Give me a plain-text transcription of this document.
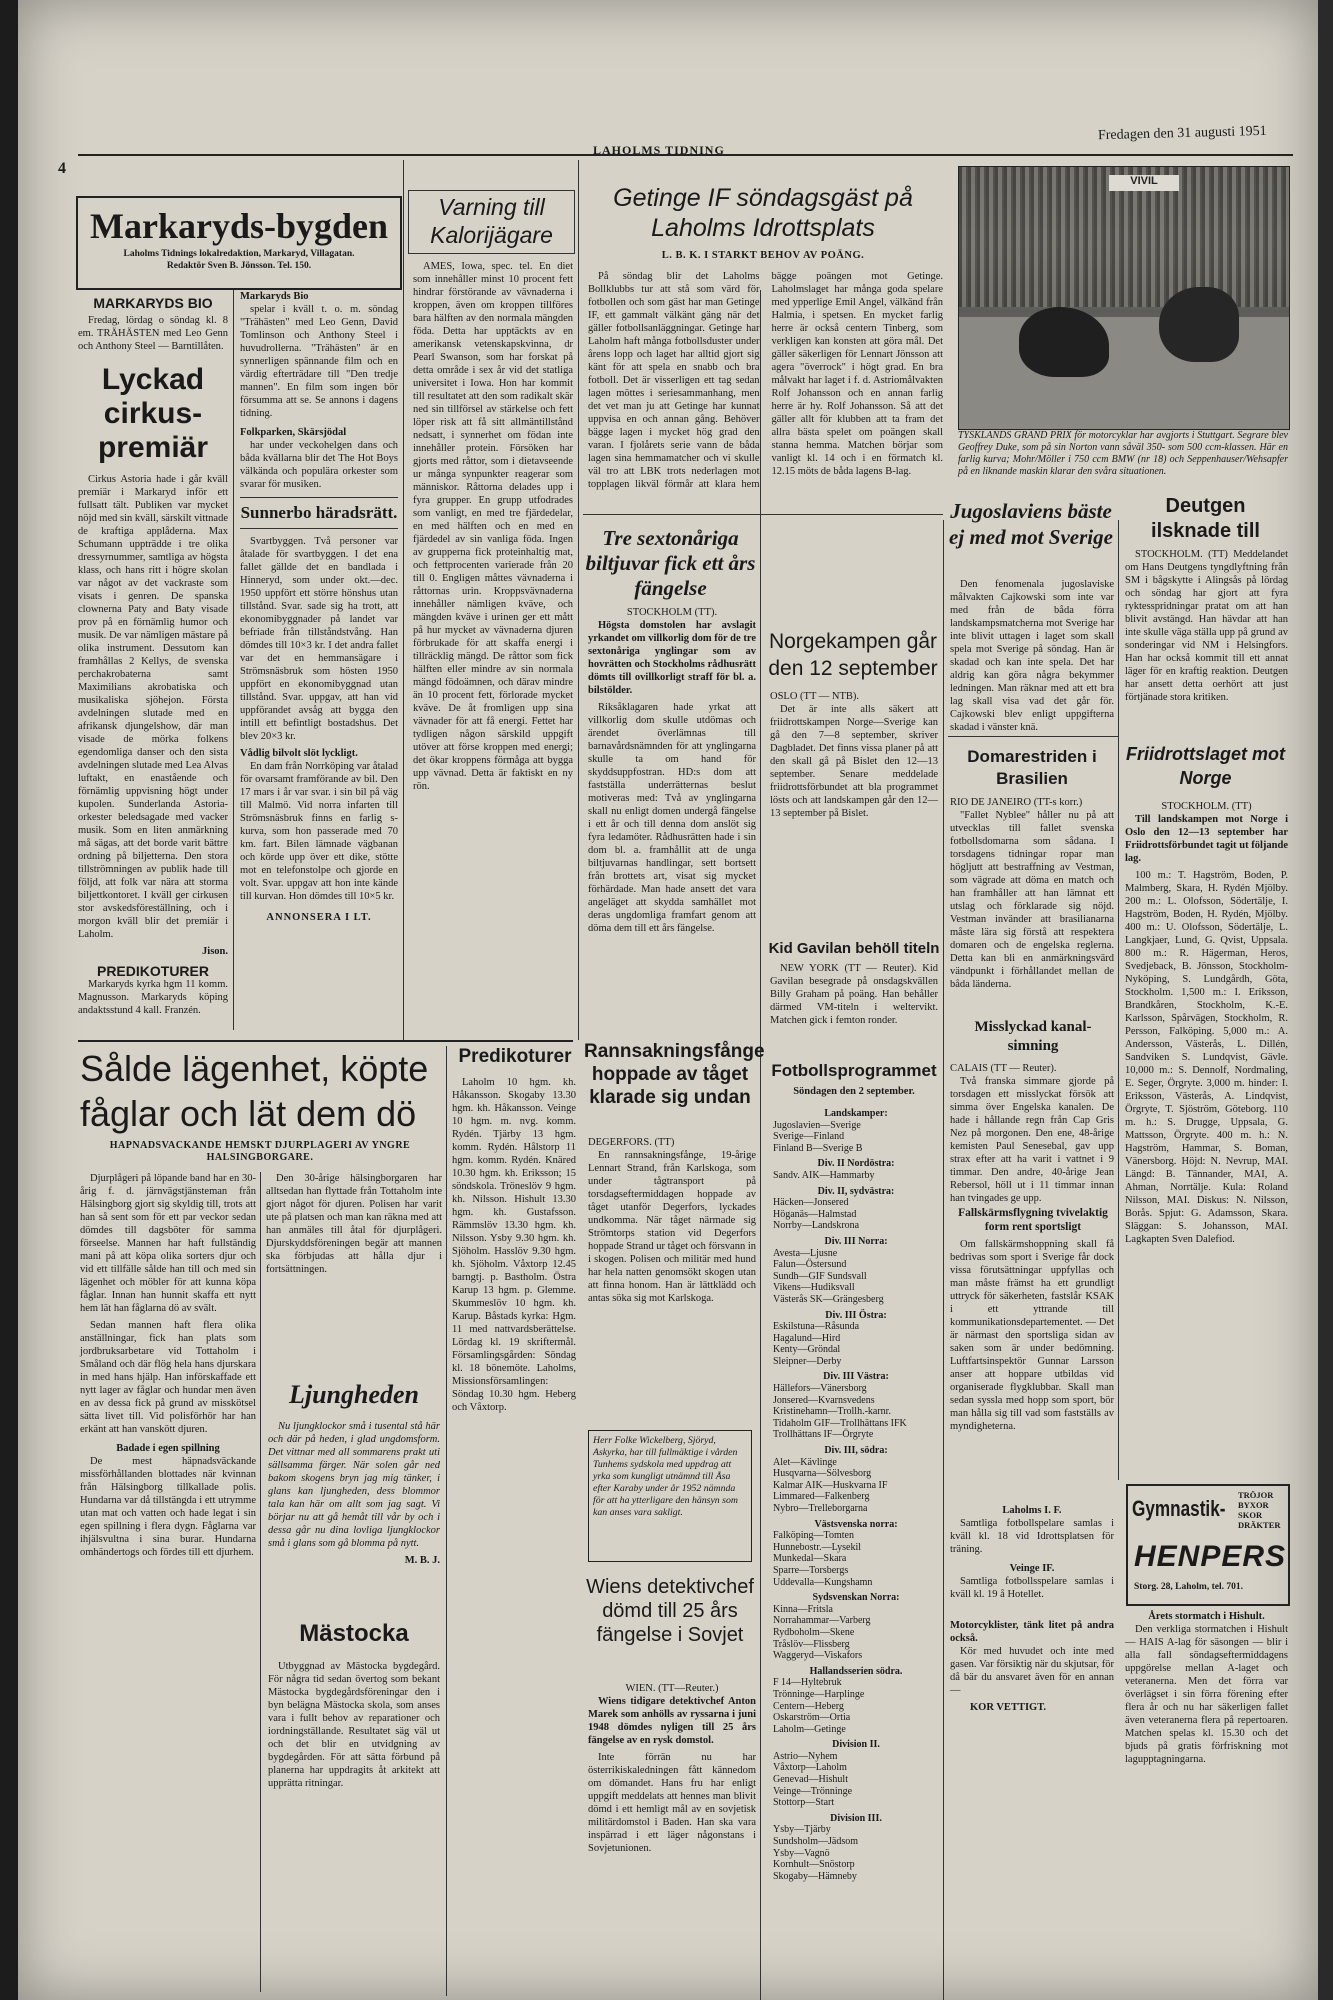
4
LAHOLMS TIDNING
Fredagen den 31 augusti 1951
Markaryds-bygden
Laholms Tidnings lokalredaktion, Markaryd, Villagatan.
Redaktör Sven B. Jönsson. Tel. 150.
MARKARYDS BIO

Fredag, lördag o söndag kl. 8 em. TRÄHÄSTEN med Leo Genn och Anthony Steel — Barntillåten.

Lyckad cirkus-premiär

Cirkus Astoria hade i går kväll premiär i Markaryd inför ett fullsatt tält. Publiken var mycket nöjd med sin kväll, särskilt vittnade de kraftiga applåderna. Max Schumann uppträdde i tre olika dressyrnummer, samtliga av högsta klass, och hans ritt i högre skolan var något av det vackraste som visats i genren. De spanska clownerna Paty and Baty visade prov på en förnämlig humor och musik. De var nämligen mästare på olika instrument. Dessutom kan framhållas 2 Kellys, de svenska perchakrobaterna samt Maximilians akrobatiska och musikaliska sjöhejon. Första avdelningen slutade med en afrikansk djungelshow, där man visade de mörka folkens egendomliga danser och den sista avdelningen slutade med Lea Alvas luftakt, en enastående och förnämlig uppvisning högt under kupolen. Sunderlanda Astoria-orkester beledsagade med vacker musik. Som en liten anmärkning må sägas, att det borde varit bättre ordning på biljetterna. Den stora tillströmningen av publik hade till följd, att folk var nära att storma biljettkontoret. I kväll ger cirkusen stor avskedsföreställning, och i morgon kväll blir det premiär i Laholm.

Jison.
PREDIKOTURER

Markaryds kyrka hgm 11 komm. Magnusson. Markaryds köping andaktsstund 4 kall. Franzén.

Markaryds Bio

spelar i kväll t. o. m. söndag "Trähästen" med Leo Genn, David Tomlinson och Anthony Steel i huvudrollerna. "Trähästen" är en synnerligen spännande film och en värdig efterträdare till "Den tredje mannen". En film som ingen bör försumma att se. Se annons i dagens tidning.

Folkparken, Skärsjödal

har under veckohelgen dans och båda kvällarna blir det The Hot Boys välkända och populära orkester som svarar för musiken.

Sunnerbo häradsrätt.

Svartbyggen. Två personer var åtalade för svartbyggen. I det ena fallet gällde det en bandlada i Hinneryd, som under okt.—dec. 1950 uppfört ett större hönshus utan tillstånd. Svar. sade sig ha trott, att ekonomibyggnader på landet var befriade från tillståndstvång. Han dömdes till 10×3 kr. I det andra fallet var det en hemmansägare i Strömsnäsbruk som hösten 1950 uppfört en ekonomibyggnad utan tillstånd. Svar. uppgav, att han vid uppförandet avsåg att bygga den intill ett befintligt bostadshus. Det blev 20×3 kr.

Vådlig bilvolt slöt lyckligt.

En dam från Norrköping var åtalad för ovarsamt framförande av bil. Den 17 mars i år var svar. i sin bil på väg till Malmö. Vid norra infarten till Strömsnäsbruk finns en farlig s-kurva, som hon passerade med 70 km. fart. Bilen lämnade vägbanan och körde upp över ett dike, stötte mot en telefonstolpe och gjorde en volt. Svar. uppgav att hon inte kände till kurvan. Hon dömdes till 10×5 kr.

ANNONSERA I LT.
Varning till Kalorijägare

AMES, Iowa, spec. tel. En diet som innehåller minst 10 procent fett hindrar förstörande av vävnaderna i kroppen, även om kroppen tillföres bara hälften av den normala mängden föda. Detta har upptäckts av en amerikansk vetenskapskvinna, dr Pearl Swanson, som har forskat på detta område i sex år vid det statliga universitet i Iowa. Hon har kommit till resultatet att den som radikalt skär ned sin tillförsel av stärkelse och fett löper risk att få sitt allmäntillstånd nedsatt, i synnerhet om födan inte innehåller protein. Försöken har gjorts med råttor, som i dietavseende ur många synpunkter reagerar som människor. Råttorna delades upp i fyra grupper. En grupp utfodrades som vanligt, en med tre fjärdedelar, en med hälften och en med en fjärdedel av sin vanliga föda. Ingen av grupperna fick proteinhaltig mat, och fettprocenten varierade från 20 till 0. Engligen måttes vävnaderna i råttornas urin. Kroppsvävnaderna innehåller nämligen kväve, och mängden kväve i urinen ger ett mått på hur mycket av vävnaderna djuren förbrukade för att skaffa energi i tillräcklig mängd. De råttor som fick hälften eller mindre av sin normala mängd födoämnen, och därav mindre än 10 procent fett, förlorade mycket kväve. De åt fromligen upp sina vävnader för att få energi. Fettet har tydligen någon särskild uppgift utöver att förse kroppen med energi; det ökar kroppens förmåga att bygga upp vävnad. Detta är faktiskt en ny rön.

Getinge IF söndagsgäst på Laholms Idrottsplats
L. B. K. I STARKT BEHOV AV POÄNG.

På söndag blir det Laholms Bollklubbs tur att stå som värd för fotbollen och som gäst har man Getinge IF, ett gammalt välkänt gäng när det gäller fotbollsanläggningar. Getinge har Laholm haft många fotbollsduster under årens lopp och laget har alltid gjort sig känt för att spela en snabb och bra fotboll. Det är visserligen ett tag sedan lagen möttes i seriesammanhang, men det vet man ju att Getinge har kunnat uppvisa en och annan gång. Behöver bägge lagen i mycket hög grad den varan. I fjolårets serie vann de båda lagen sina hemmamatcher och vi skulle väl tro att LBK trots nederlagen mot topplagen likväl förmår att klara hem bägge poängen mot Getinge. Laholmslaget har många goda spelare med ypperlige Emil Angel, välkänd från Halmia, i spetsen. En mycket farlig herre är också centern Tinberg, som verkligen kan konsten att göra mål. Det gäller säkerligen för Lennart Jönsson att agera "överrock" i högt grad. En bra målvakt har laget i f. d. Astriomålvakten Rolf Johansson och en annan farlig herre är hy. Rolf Johansson. Så att det gäller allt för klubben att ta fram det allra bästa spelet om poängen skall stanna hemma. Matchen börjar som vanligt kl. 14 och i en förmatch kl. 12.15 möts de båda lagens B-lag.

VIVIL
TYSKLANDS GRAND PRIX för motorcyklar har avgjorts i Stuttgart. Segrare blev Geoffrey Duke, som på sin Norton vann såväl 350- som 500 ccm-klassen. Här en farlig kurva; Mohr/Möller i 750 ccm BMW (nr 18) och Seppenhauser/Wehsapfer på en liknande maskin klarar den svåra situationen.
Tre sextonåriga biltjuvar fick ett års fängelse
STOCKHOLM (TT).

Högsta domstolen har avslagit yrkandet om villkorlig dom för de tre sextonåriga ynglingar som av hovrätten och Stockholms rådhusrätt dömts till ovillkorligt straff för bl. a. bilstölder.

Riksåklagaren hade yrkat att villkorlig dom skulle utdömas och ärendet överlämnas till barnavårdsnämnden för att ynglingarna skulle ta om hand för skyddsuppfostran. HD:s dom att fastställa underrätternas beslut motiveras med: Två av ynglingarna skall nu enligt domen undergå fängelse i ett år och till denna dom anslöt sig fyra ledamöter. Rådhusrätten hade i sin dom bl. a. framhållit att de unga biltjuvarnas handlingar, sett bortsett från brottets art, visat sig mycket förhärdade. Man hade ansett det vara angeläget att skydda samhället mot deras ungdomliga framfart genom att döma dem till ett års fängelse.

Norgekampen går den 12 september
OSLO (TT — NTB).

Det är inte alls säkert att friidrottskampen Norge—Sverige kan gå den 7—8 september, skriver Dagbladet. Det finns vissa planer på att den skall gå på Bislet den 12—13 september. Senare meddelade friidrottsförbundet att bla programmet lösts och att landskampen går den 12—13 september på Bislet.

Kid Gavilan behöll titeln

NEW YORK (TT — Reuter). Kid Gavilan besegrade på onsdagskvällen Billy Graham på poäng. Han behåller därmed VM-titeln i weltervikt. Matchen gick i femton ronder.

Jugoslaviens bäste ej med mot Sverige

Den fenomenala jugoslaviske målvakten Cajkowski som inte var med från de båda förra landskampsmatcherna mot Sverige har inte blivit uttagen i laget som skall spela mot Sverige på söndag. Han är skadad och kan inte spela. Det har aldrig kan göra några bekymmer ledningen. Man räknar med att ett bra lag skall visa vad det går för. Cajkowski blev enligt uppgifterna skadad i vänster knä.

Deutgen ilsknade till

STOCKHOLM. (TT) Meddelandet om Hans Deutgens tyngdlyftning från SM i bågskytte i Alingsås på lördag och söndag har gjort att fyra ryktesspridningar pratat om att han blivit avstängd. Han hävdar att han inte skulle väga ställa upp på grund av sonderingar vid NM i Helsingfors. Han har också kommit till ett annat läger för en kraftig reaktion. Deutgen har ansett detta oerhört att just förtjänade stora kritiken.

Domarestriden i Brasilien
RIO DE JANEIRO (TT-s korr.)

"Fallet Nyblee" håller nu på att utvecklas till fallet svenska fotbollsdomarna som sådana. I torsdagens tidningar ropar man högljutt att bestraffning av Vestman, som vägrade att döma en match och han framhåller att han lämnat ett utslag och förklarade sig nöjd. Vestman invänder att brasilianarna måste lära sig förstå att respektera domaren och de engelska reglerna. Detta kan bli en anmärkningsvärd vändpunkt i förhållandet mellan de båda länderna.

Misslyckad kanal-simning
CALAIS (TT — Reuter).

Två franska simmare gjorde på torsdagen ett misslyckat försök att simma över Engelska kanalen. De hade i hållande regn från Cap Gris Nez på morgonen. Den ene, 48-årige kemisten Paul Senesebal, gav upp strax efter att ha varit i vattnet i 9 timmar. Den andre, 40-årige Jean Rebersol, höll ut i 11 timmar innan han tvingades ge upp.

Fallskärmsflygning tvivelaktig form rent sportsligt

Om fallskärmshoppning skall få bedrivas som sport i Sverige får dock vissa förutsättningar uppfyllas och man måste främst ha ett grundligt uttryck för säkerheten, fastslår KSAK i ett yttrande till kommunikationsdepartementet. — Det är närmast den sportsliga sidan av saken som är under bedömning. Luftfartsinspektör Gunnar Larsson anser att hoppare utbildas vid organiserade flygklubbar. Skall man sedan syssla med hopp som sport, bör man hålla sig till vad som fastställs av myndigheterna.

Friidrottslaget mot Norge
STOCKHOLM. (TT)

Till landskampen mot Norge i Oslo den 12—13 september har Friidrottsförbundet tagit ut följande lag.

100 m.: T. Hagström, Boden, P. Malmberg, Skara, H. Rydén Mjölby. 200 m.: L. Olofsson, Södertälje, I. Hagström, Boden, H. Rydén, Mjölby. 400 m.: U. Olofsson, Södertälje, L. Langkjaer, Lund, G. Qvist, Uppsala. 800 m.: R. Hägerman, Heros, Svedjeback, B. Jönsson, Stockholm-Nyköping, S. Lundgårdh, Göta, Stockholm. 1,500 m.: I. Eriksson, Brandkåren, Stockholm, K.-E. Karlsson, Spårvägen, Stockholm, R. Persson, Falköping. 5,000 m.: A. Andersson, Västerås, L. Dillén, Sandviken S. Lundqvist, Gävle. 10,000 m.: S. Dennolf, Nordmaling, E. Seger, Örgryte. 3,000 m. hinder: I. Eriksson, Västerås, A. Lindqvist, Örgryte, T. Sjöström, Göteborg. 110 m. h.: S. Drugge, Uppsala, G. Mattsson, Örgryte. 400 m. h.: N. Hagström, Hammar, S. Boman, Vänersborg. Höjd: N. Nevrup, MAI. Längd: B. Tännander, MAI, A. Ahman, Norrtälje. Kula: Roland Nilsson, MAI. Diskus: N. Nilsson, Borås. Spjut: G. Adamsson, Skara. Släggan: S. Johansson, MAI. Lagkapten Sven Dalefiod.

Gymnastik-
TRÖJOR
BYXOR
SKOR
DRÄKTER
HENPERS
Storg. 28, Laholm, tel. 701.
Årets stormatch i Hishult.

Den verkliga stormatchen i Hishult — HAIS A-lag för säsongen — blir i alla fall söndagseftermiddagens uppgörelse mellan A-laget och veteranerna. Men det förra var överlägset i sin förra förening efter flera år och nu har säkerligen fallet även veteranerna flera på repertoaren. Matchen spelas kl. 15.30 och det bjuds på gratis förfriskning mot lagupptagningarna.

Fotbollsprogrammet
Söndagen den 2 september.
Landskamper:
Jugoslavien—Sverige
Sverige—Finland
Finland B—Sverige B
Div. II Nordöstra:
Sandv. AIK—Hammarby
Div. II, sydvästra:
Häcken—Jonsered
Höganäs—Halmstad
Norrby—Landskrona
Div. III Norra:
Avesta—Ljusne
Falun—Östersund
Sundh—GIF Sundsvall
Vikens—Hudiksvall
Västerås SK—Grängesberg
Div. III Östra:
Eskilstuna—Råsunda
Hagalund—Hird
Kenty—Gröndal
Sleipner—Derby
Div. III Västra:
Hällefors—Vänersborg
Jonsered—Kvarnsvedens
Kristinehamn—Trollh.-karnr.
Tidaholm GIF—Trollhättans IFK
Trollhättans IF—Örgryte
Div. III, södra:
Alet—Kävlinge
Husqvarna—Sölvesborg
Kalmar AIK—Huskvarna IF
Limmared—Falkenberg
Nybro—Trelleborgarna
Västsvenska norra:
Falköping—Tomten
Hunnebostr.—Lysekil
Munkedal—Skara
Sparre—Torsbergs
Uddevalla—Kungshamn
Sydsvenskan Norra:
Kinna—Fritsla
Norrahammar—Varberg
Rydboholm—Skene
Tråslöv—Flissberg
Waggeryd—Viskafors
Hallandsserien södra.
F 14—Hyltebruk
Trönninge—Harplinge
Centern—Heberg
Oskarström—Ortia
Laholm—Getinge
Division II.
Astrio—Nyhem
Våxtorp—Laholm
Genevad—Hishult
Veinge—Trönninge
Stottorp—Start
Division III.
Ysby—Tjärby
Sundsholm—Jädsom
Ysby—Vagnö
Kornhult—Snöstorp
Skogaby—Hämneby
Laholms I. F.

Samtliga fotbollspelare samlas i kväll kl. 18 vid Idrottsplatsen för träning.

Veinge IF.

Samtliga fotbollsspelare samlas i kväll kl. 19 å Hotellet.

Motorcyklister, tänk litet på andra också.

Kör med huvudet och inte med gasen. Var försiktig när du skjutsar, för då bär du ansvaret även för en annan —

KOR VETTIGT.
Sålde lägenhet, köpte fåglar och lät dem dö
HAPNADSVACKANDE HEMSKT DJURPLAGERI AV YNGRE HALSINGBORGARE.

Djurplågeri på löpande band har en 30-årig f. d. järnvägstjänsteman från Hälsingborg gjort sig skyldig till, trots att han så sent som för ett par veckor sedan dömdes till dagsböter för samma förseelse. Mannen har haft fullständig mani på att köpa olika sorters djur och vid ett tillfälle sålde han till och med sin lägenhet och möbler för att kunna köpa fåglar. Innan han hunnit skaffa ett nytt hem lät han fåglarna dö av svält.

Sedan mannen haft flera olika anställningar, fick han plats som jordbruksarbetare vid Tottaholm i Småland och där flög hela hans djurskara in med hans hjälp. Han införskaffade ett nytt lager av fåglar och hundar men även en av dessa fick på grund av misskötsel sätta livet till. Vid polisförhör har han erkänt att han vanskött djuren.

Badade i egen spillning

De mest häpnadsväckande missförhållanden blottades när kvinnan från Hälsingborg tillkallade polis. Hundarna var då tillstängda i ett utrymme utan mat och vatten och hade legat i sin egen spillning i flera dygn. Fåglarna var ihjälsvultna i sina burar. Hundarna omhändertogs och fördes till ett djurhem.

Den 30-årige hälsingborgaren har alltsedan han flyttade från Tottaholm inte gjort något för djuren. Polisen har varit ute på platsen och man kan räkna med att han anmäles till åtal för djurplågeri. Djurskyddsföreningen begär att mannen ska förbjudas att hålla djur i fortsättningen.

Ljungheden

Nu ljungklockor små i tusental stå här och där på heden, i glad ungdomsform. Det vittnar med all sommarens prakt uti sällsamma färger. När solen går ned bakom skogens bryn jag mig tänker, i glans kan ljungheden, dess blommor tala kan här om allt som jag sagt. Vi börjar nu att gå hemåt till vår by och i dessa går nu dina lovliga ljungklockor små i glans som gå blomma på nytt.

M. B. J.
Mästocka

Utbyggnad av Mästocka bygdegård. För några tid sedan övertog som bekant Mästocka bygdegårdsföreningar den i byn belägna Mästocka skola, som anses vara i fullt behov av reparationer och iordningställande. Resultatet säg väl ut och det blir en utvidgning av bygdegården. För att sätta förbund på planerna har uppdragits åt arkitekt att upprätta ritningar.

Predikoturer

Laholm 10 hgm. kh. Håkansson. Skogaby 13.30 hgm. kh. Håkansson. Veinge 10 hgm. m. nvg. komm. Rydén. Tjärby 13 hgm. komm. Rydén. Hålstorp 11 hgm. komm. Rydén. Knäred 10.30 hgm. kh. Eriksson; 15 söndskola. Tröneslöv 9 hgm. kh. Nilsson. Hishult 13.30 hgm. kh. Gustafsson. Rämmslöv 13.30 hgm. kh. Nilsson. Ysby 9.30 hgm. kh. Sjöholm. Hasslöv 9.30 hgm. kh. Sjöholm. Våxtorp 12.45 barngtj. p. Bastholm. Östra Karup 13 hgm. p. Glemme. Skummeslöv 10 hgm. kh. Karup. Båstads kyrka: Hgm. 11 med nattvardsberättelse. Lördag kl. 19 skriftermål. Församlingsgården: Söndag kl. 18 bönemöte. Laholms, Missionsförsamlingen: Söndag 10.30 hgm. Heberg och Våxtorp.

Rannsakningsfånge hoppade av tåget klarade sig undan
DEGERFORS. (TT)

En rannsakningsfånge, 19-årige Lennart Strand, från Karlskoga, som under tågtransport på torsdagseftermiddagen hoppade av tåget utanför Degerfors, lyckades undkomma. När tåget närmade sig Strömtorps station vid Degerfors hoppade Strand ur tåget och försvann in i skogen. Polisen och militär med hund har hela natten genomsökt skogen utan att finna honom. Han är lättklädd och antas söka sig mot Karlskoga.

Herr Folke Wickelberg, Sjöryd, Askyrka, har till fullmäktige i vården Tunhems sydskola med uppdrag att yrka som kungligt utnämnd till Åsa efter Karaby under år 1952 nämnda för att ha ytterligare den hänsyn som kan anses vara sakligt.

Wiens detektivchef dömd till 25 års fängelse i Sovjet
WIEN. (TT—Reuter.)

Wiens tidigare detektivchef Anton Marek som anhölls av ryssarna i juni 1948 dömdes nyligen till 25 års fängelse av en rysk domstol.

Inte förrän nu har österrikiskaledningen fått kännedom om dömandet. Hans fru har enligt uppgift meddelats att hennes man blivit dömd i ett hemligt mål av en sovjetisk militärdomstol i Baden. Han ska vara inspärrad i ett läger någonstans i Sovjetunionen.
